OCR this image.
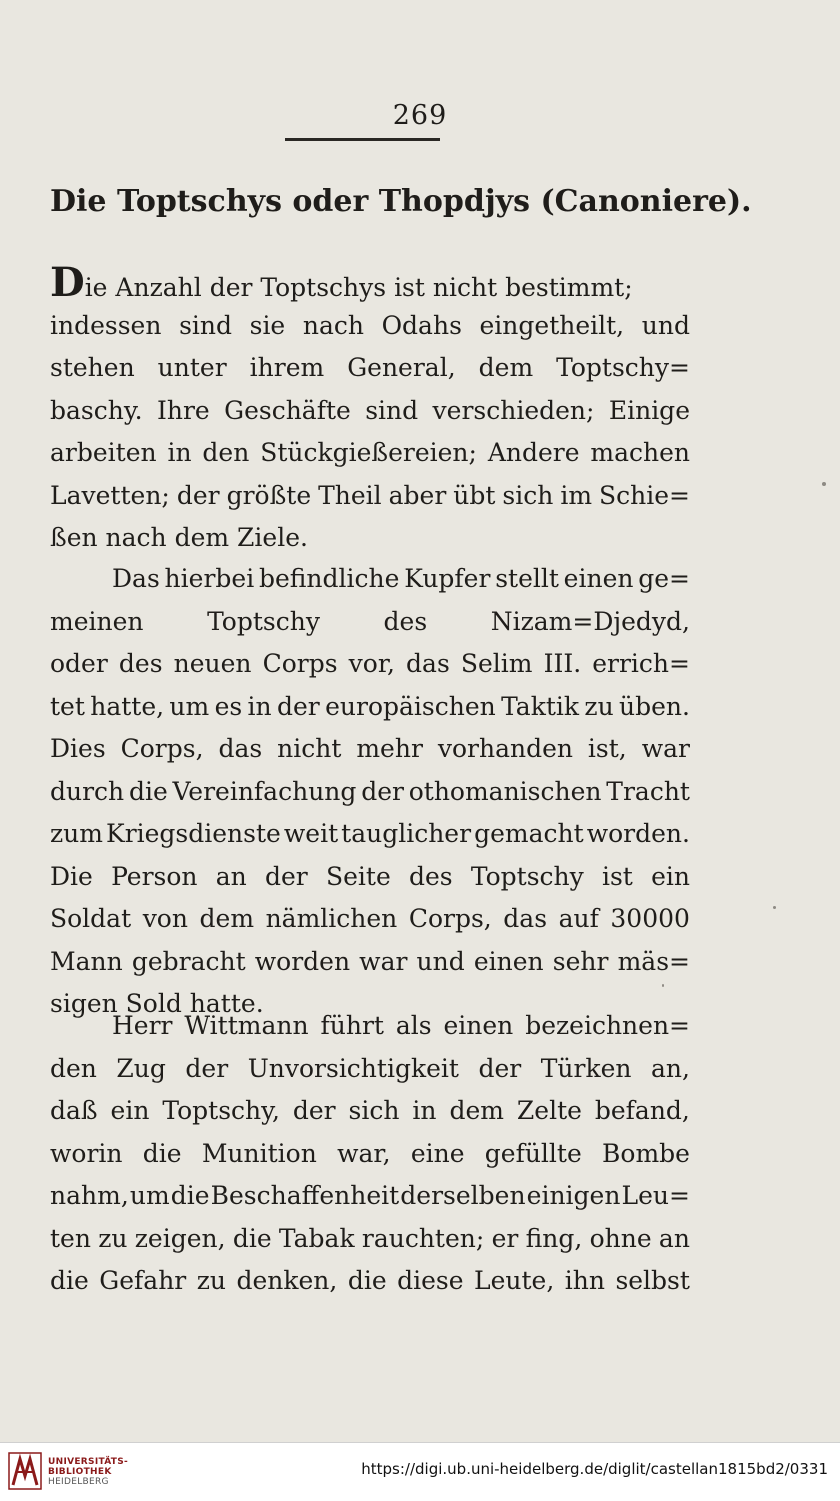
269
Die Toptschys oder Thopdjys (Canoniere).
Die Anzahl der Toptschys ist nicht bestimmt;
indessen sind sie nach Odahs eingetheilt, und
stehen unter ihrem General, dem Toptschy=
baschy. Ihre Geschäfte sind verschieden; Einige
arbeiten in den Stückgießereien; Andere machen
Lavetten; der größte Theil aber übt sich im Schie=
ßen nach dem Ziele.
Das hierbei befindliche Kupfer stellt einen ge=
meinen	Toptschy	des	Nizam=Djedyd,
oder des neuen Corps vor, das Selim III. errich=
tet hatte, um es in der europäischen Taktik zu üben.
Dies Corps, das nicht mehr vorhanden ist, war
durch die Vereinfachung der othomanischen Tracht
zum Kriegsdienste weit tauglicher gemacht worden.
Die Person an der Seite des Toptschy ist ein
Soldat von dem nämlichen Corps, das auf 30000
Mann gebracht worden war und einen sehr mäs=
sigen Sold hatte.
Herr Wittmann führt als einen bezeichnen=
den Zug der Unvorsichtigkeit der Türken an,
daß ein Toptschy, der sich in dem Zelte befand,
worin die Munition war, eine gefüllte Bombe
nahm, um die Beschaffenheit derselben einigen Leu=
ten zu zeigen, die Tabak rauchten; er fing, ohne an
die Gefahr zu denken, die diese Leute, ihn selbst
UNIVERSITÄTS-
BIBLIOTHEK
HEIDELBERG
https://digi.ub.uni-heidelberg.de/diglit/castellan1815bd2/0331
